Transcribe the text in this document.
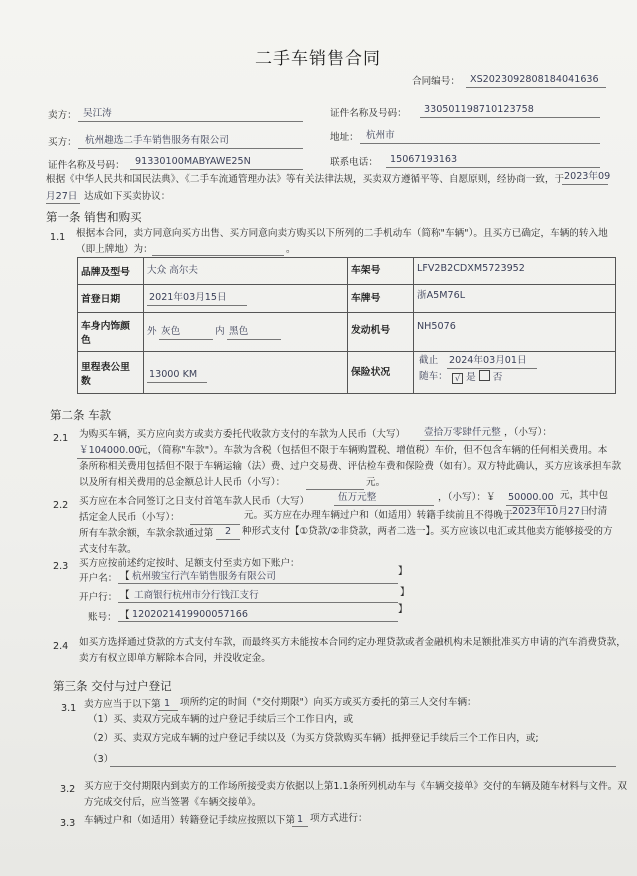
二手车销售合同
合同编号： XS2023092808184041636
卖方： 吴江涛	证件名称及号码： 330501198710123758
买方： 杭州趣选二手车销售服务有限公司	地址： 杭州市
证件名称及号码： 91330100MABYAWE25N	联系电话： 15067193163
根据《中华人民共和国民法典》、《二手车流通管理办法》等有关法律法规，买卖双方遵循平等、自愿原则，经协商一致，于 2023年09
月27日 达成如下买卖协议：
第一条 销售和购买
1.1 根据本合同，卖方同意向买方出售、买方同意向卖方购买以下所列的二手机动车（简称"车辆"）。且买方已确定，车辆的转入地
（即上牌地）为：	。
品牌及型号 大众 高尔夫	车架号	LFV2B2CDXM5723952
首登日期	2021年03月15日	车牌号	浙A5M76L
车身内饰颜
色
外 灰色	内 黑色	发动机号	NH5076
里程表公里
数
13000 KM	保险状况
截止 2024年03月01日
随车： √ 是 否
第二条 车款
2.1 为购买车辆，买方应向卖方或卖方委托代收款方支付的车款为人民币（大写） 壹拾万零肆仟元整 ，（小写）：
￥104000.00
元，（简称"车款"）。车款为含税（包括但不限于车辆购置税、增值税）车价，但不包含车辆的任何相关费用。本
条所称相关费用包括但不限于车辆运输（法）费、过户交易费、评估检车费和保险费（如有）。双方特此确认，买方应该承担车款
以及所有相关费用的总金额总计人民币（小写）：	元。
2.2 买方应在本合同签订之日支付首笔车款人民币（大写）	伍万元整	，（小写）：￥ 50000.00 元，其中包
括定金人民币（小写）：	元。买方应在办理车辆过户和（如适用）转籍手续前且不得晚于 2023年10月27日
付清
所有车款余额，车款余款通过第 2 种形式支付【①贷款/②非贷款，两者二选一】。买方应该以电汇或其他卖方能够接受的方
式支付车款。
2.3 买方应按前述约定按时、足额支付至卖方如下账户：
开户名： 【 杭州骏宝行汽车销售服务有限公司	】
开户行： 【 工商银行杭州市分行钱江支行	】
账号： 【 1202021419900057166	】
2.4 如买方选择通过贷款的方式支付车款，而最终买方未能按本合同约定办理贷款或者金融机构未足额批准买方申请的汽车消费贷款，
卖方有权立即单方解除本合同，并没收定金。
第三条 交付与过户登记
3.1 卖方应当于以下第 1 项所约定的时间（"交付期限"）向买方或买方委托的第三人交付车辆：
（1）买、卖双方完成车辆的过户登记手续后三个工作日内，或
（2）买、卖双方完成车辆的过户登记手续以及（为买方贷款购买车辆）抵押登记手续后三个工作日内，或;
（3）
3.2 买方应于交付期限内到卖方的工作场所接受卖方依据以上第1.1条所列机动车与《车辆交接单》交付的车辆及随车材料与文件。双
方完成交付后，应当签署《车辆交接单》。
3.3 车辆过户和（如适用）转籍登记手续应按照以下第 1 项方式进行：
